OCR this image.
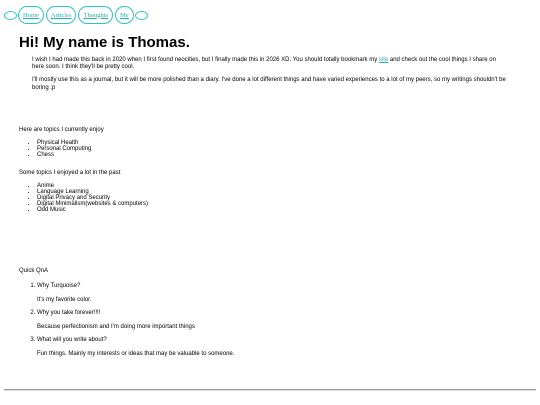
Home	Articles	Thoughts	Me
Hi! My name is Thomas.

I wish I had made this back in 2020 when I first found neocities, but I finally made this in 2026 XD. You should totally bookmark my site and check out the cool things I share on here soon. I think they'll be pretty cool.

I'll mostly use this as a journal, but it will be more polished than a diary. I've done a lot different things and have varied experiences to a lot of my peers, so my writings shouldn't be boring ;p

Here are topics I currently enjoy
• Physical Health
• Personal Computing
• Chess
Some topics I enjoyed a lot in the past
• Anime
• Language Learning
• Digital Privacy and Security
• Digital Minimalism(websites & computers)
• Odd Music
Quick QnA
1. Why Turquoise?
It's my favorite color.
2. Why you take forever!!!!
Because perfectionism and I'm doing more important things
3. What will you write about?
Fun things. Mainly my interests or ideas that may be valuable to someone.
